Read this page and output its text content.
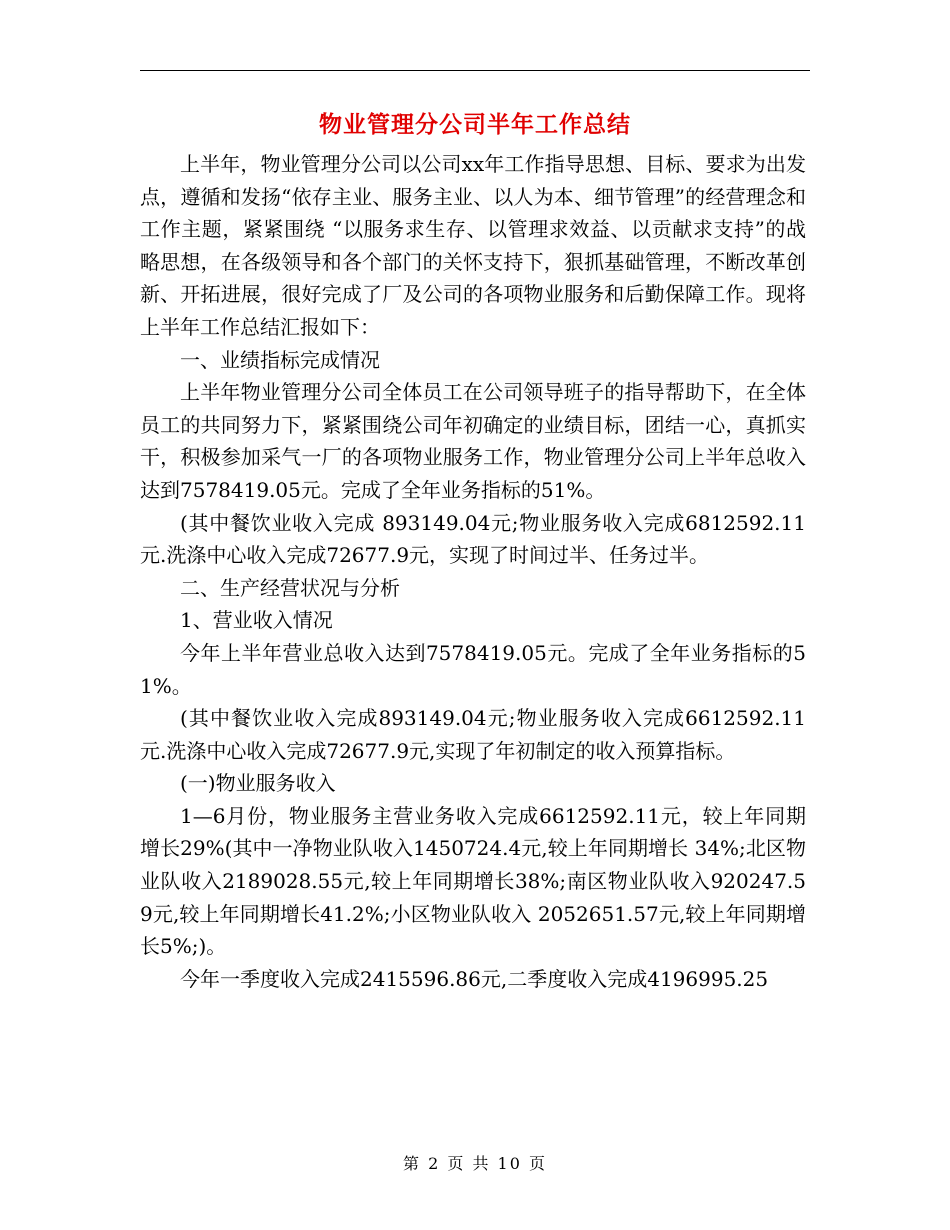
物业管理分公司半年工作总结

上半年，物业管理分公司以公司xx年工作指导思想、目标、要求为出发点，遵循和发扬“依存主业、服务主业、以人为本、细节管理”的经营理念和工作主题，紧紧围绕 “以服务求生存、以管理求效益、以贡献求支持”的战略思想，在各级领导和各个部门的关怀支持下，狠抓基础管理，不断改革创新、开拓进展，很好完成了厂及公司的各项物业服务和后勤保障工作。现将上半年工作总结汇报如下：

一、业绩指标完成情况

上半年物业管理分公司全体员工在公司领导班子的指导帮助下，在全体员工的共同努力下，紧紧围绕公司年初确定的业绩目标，团结一心，真抓实干，积极参加采气一厂的各项物业服务工作，物业管理分公司上半年总收入达到7578419.05元。完成了全年业务指标的51%。

(其中餐饮业收入完成 893149.04元;物业服务收入完成6812592.11元.洗涤中心收入完成72677.9元，实现了时间过半、任务过半。

二、生产经营状况与分析

1、营业收入情况

今年上半年营业总收入达到7578419.05元。完成了全年业务指标的51%。

(其中餐饮业收入完成893149.04元;物业服务收入完成6612592.11元.洗涤中心收入完成72677.9元,实现了年初制定的收入预算指标。

(一)物业服务收入

1—6月份，物业服务主营业务收入完成6612592.11元，较上年同期增长29%(其中一净物业队收入1450724.4元,较上年同期增长 34%;北区物业队收入2189028.55元,较上年同期增长38%;南区物业队收入920247.59元,较上年同期增长41.2%;小区物业队收入 2052651.57元,较上年同期增长5%;)。

今年一季度收入完成2415596.86元,二季度收入完成4196995.25

第 2 页 共 10 页
